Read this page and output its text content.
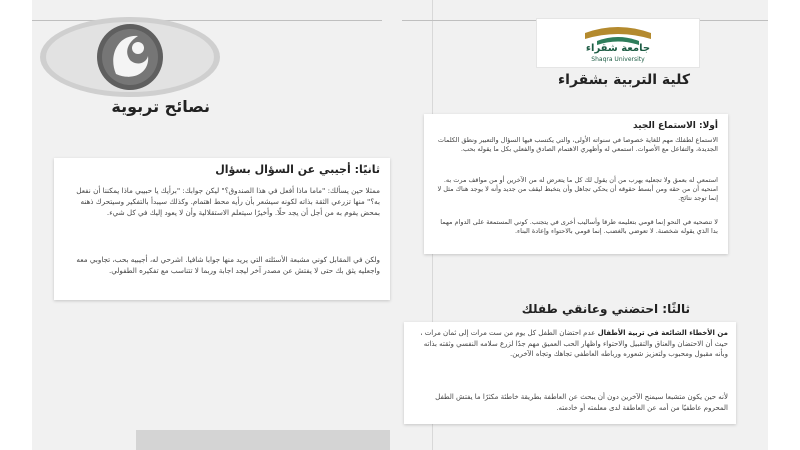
جامعة شقراء
Shaqra University
كلية التربية بشقراء
نصائح تربوية
أولا: الاستماع الجيد

الاستماع لطفلك مهم للغاية خصوصا في سنواته الأولى، والتي يكتسب فيها السؤال والتعبير ونطق الكلمات الجديدة، والتفاعل مع الأصوات. استمعي له وأظهري الاهتمام الصادق والفعلي بكل ما يقوله بحب.

استمعي له بعمق ولا تجعليه يهرب من أن يقول لك كل ما يتعرض له من الآخرين أو من مواقف مرت به. امنحيه أن من حقه ومن أبسط حقوقه أن يحكي تجاهل وأن يتخبط ليقف من جديد وأنه لا يوجد هناك مثل لا إنما توجد نتائج.

لا تنصحيه في النحو إنما قومي بتعليمه طرقا وأساليب أخرى في يتجنب. كوني المستمعة على الدوام مهما بدا الذي يقوله شخصنة. لا تعوضي بالغضب. إنما قومي بالاحتواء وإعادة البناء.

ثانيًا: أجيبي عن السؤال بسؤال

ممثلا حين يسألك: "ماما ماذا أفعل في هذا الصندوق؟" ليكن جوابك: "برأيك يا حبيبي ماذا يمكننا أن نفعل به؟" منها تزرعي الثقة بذاته لكونه سيشعر بأن رأيه محط اهتمام. وكذلك سيبدأ بالتفكير وسيتحرك ذهنه بمحض يقوم به من أجل أن يجد حلًا. وأخيرًا سيتعلم الاستقلالية وأن لا يعود إليك في كل شيء.

ولكن في المقابل كوني مشبعة الأسئلته التي يريد منها جوابا شافيا. اشرحي له، أجيبيه بحب، تجاوبي معه واجعليه يثق بك حتى لا يفتش عن مصدر آخر ليجد اجابة وربما لا تتناسب مع تفكيره الطفولي.

ثالثًا: احتضني وعانقي طفلك

من الأخطاء الشائعة في تربية الأطفال عدم احتضان الطفل كل يوم من ست مرات إلى ثمان مرات ، حيث أن الاحتضان والعناق والتقبيل والاحتواء واظهار الحب العميق مهم جدًا لزرع سلامه النفسي وثقته بذاته وبأنه مقبول ومحبوب ولتعزيز شعوره ورباطه العاطفي تجاهك وتجاه الآخرين.

لأنه حين يكون متشبعا سيمنح الآخرين دون أن يبحث عن العاطفة بطريقة خاطئة مكثرًا ما يفتش الطفل المحروم عاطفيًا من أمه عن العاطفة لدى معلمته أو خادمته.
